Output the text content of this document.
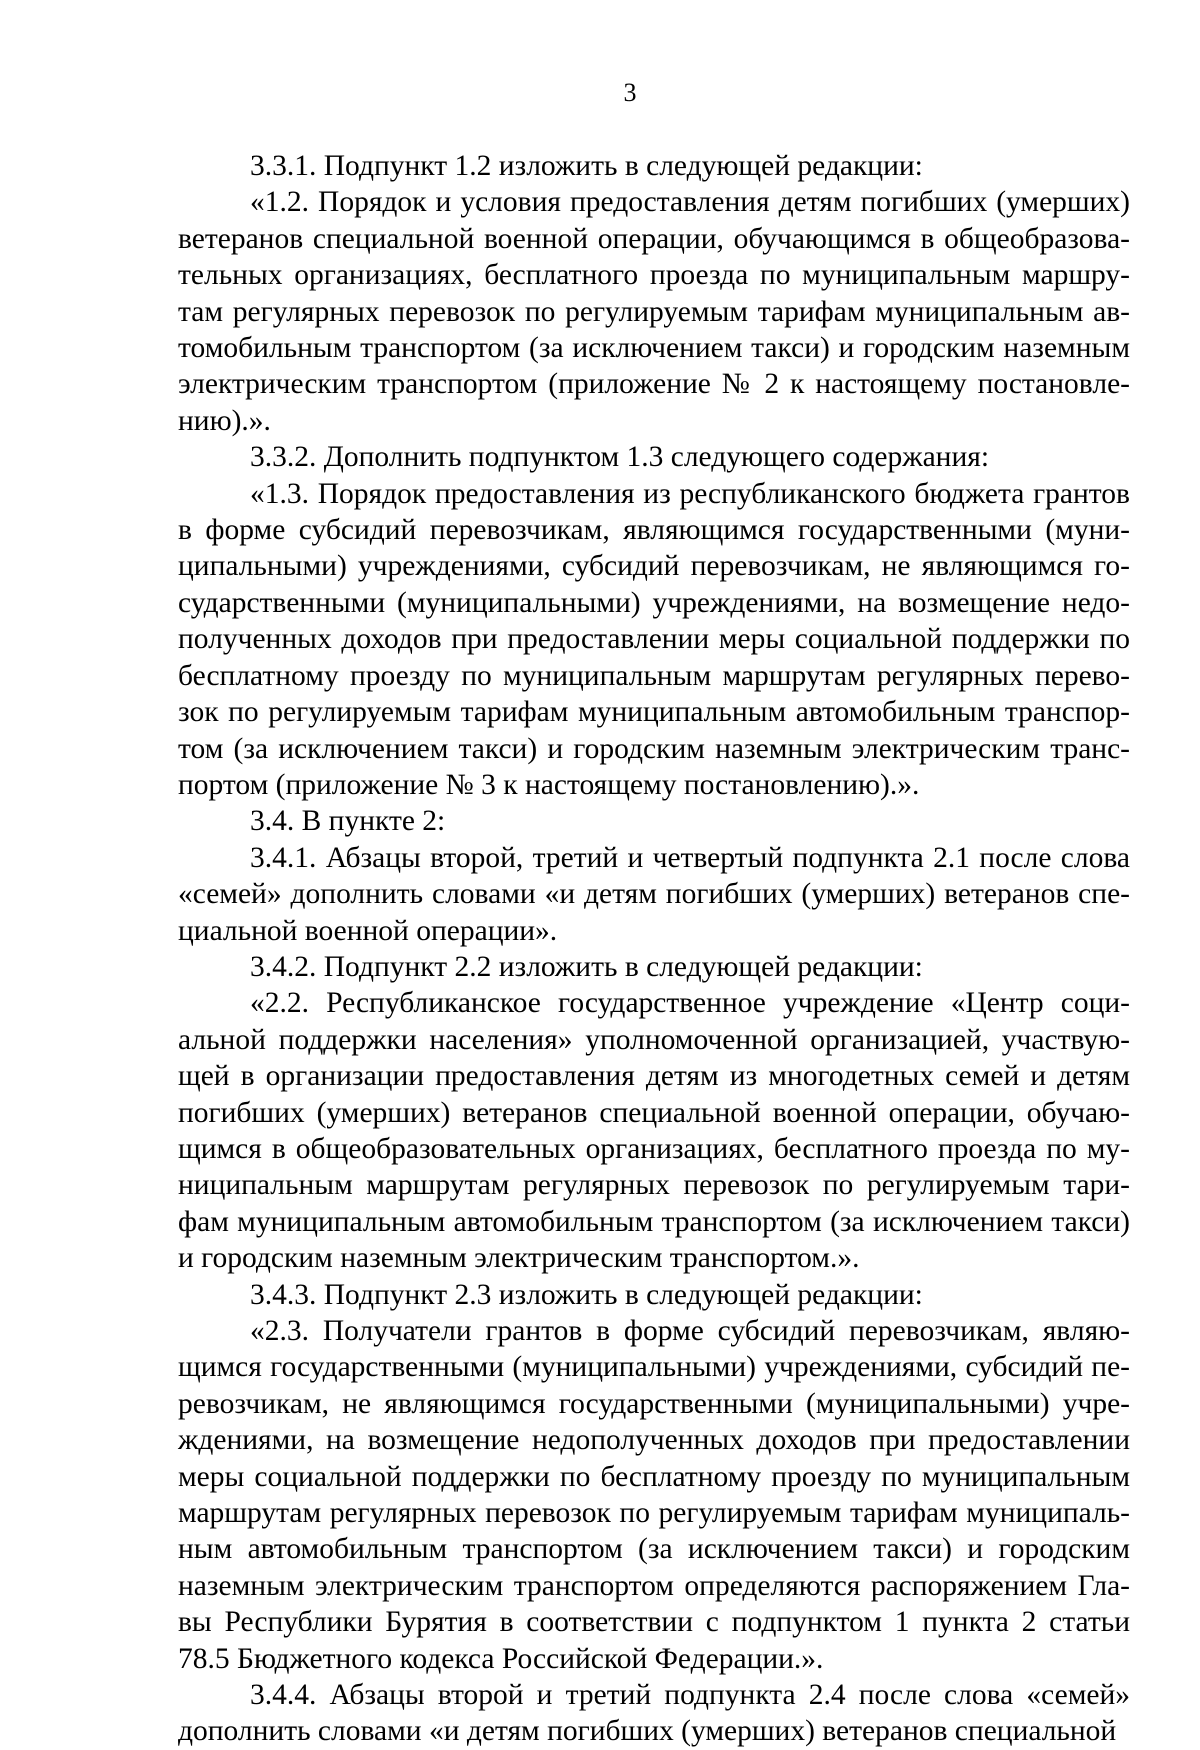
3

3.3.1. Подпункт 1.2 изложить в следующей редакции:

«1.2. Порядок и условия предоставления детям погибших (умерших) ветеранов специальной военной операции, обучающимся в общеобразовательных организациях, бесплатного проезда по муниципальным маршрутам регулярных перевозок по регулируемым тарифам муниципальным автомобильным транспортом (за исключением такси) и городским наземным электрическим транспортом (приложение № 2 к настоящему постановлению).».

3.3.2. Дополнить подпунктом 1.3 следующего содержания:

«1.3. Порядок предоставления из республиканского бюджета грантов в форме субсидий перевозчикам, являющимся государственными (муниципальными) учреждениями, субсидий перевозчикам, не являющимся государственными (муниципальными) учреждениями, на возмещение недополученных доходов при предоставлении меры социальной поддержки по бесплатному проезду по муниципальным маршрутам регулярных перевозок по регулируемым тарифам муниципальным автомобильным транспортом (за исключением такси) и городским наземным электрическим транспортом (приложение № 3 к настоящему постановлению).».

3.4. В пункте 2:

3.4.1. Абзацы второй, третий и четвертый подпункта 2.1 после слова «семей» дополнить словами «и детям погибших (умерших) ветеранов специальной военной операции».

3.4.2. Подпункт 2.2 изложить в следующей редакции:

«2.2. Республиканское государственное учреждение «Центр социальной поддержки населения» уполномоченной организацией, участвующей в организации предоставления детям из многодетных семей и детям погибших (умерших) ветеранов специальной военной операции, обучающимся в общеобразовательных организациях, бесплатного проезда по муниципальным маршрутам регулярных перевозок по регулируемым тарифам муниципальным автомобильным транспортом (за исключением такси) и городским наземным электрическим транспортом.».

3.4.3. Подпункт 2.3 изложить в следующей редакции:

«2.3. Получатели грантов в форме субсидий перевозчикам, являющимся государственными (муниципальными) учреждениями, субсидий перевозчикам, не являющимся государственными (муниципальными) учреждениями, на возмещение недополученных доходов при предоставлении меры социальной поддержки по бесплатному проезду по муниципальным маршрутам регулярных перевозок по регулируемым тарифам муниципальным автомобильным транспортом (за исключением такси) и городским наземным электрическим транспортом определяются распоряжением Главы Республики Бурятия в соответствии с подпунктом 1 пункта 2 статьи 78.5 Бюджетного кодекса Российской Федерации.».

3.4.4. Абзацы второй и третий подпункта 2.4 после слова «семей» дополнить словами «и детям погибших (умерших) ветеранов специальной
